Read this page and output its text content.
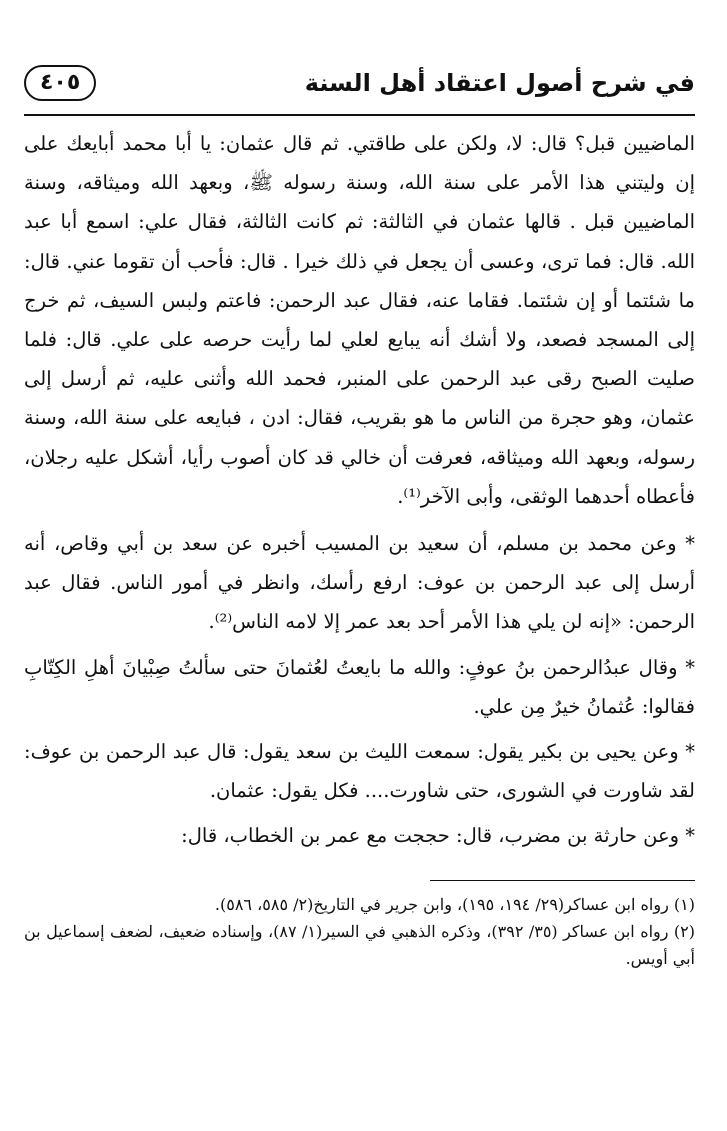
في شرح أصول اعتقاد أهل السنة
٤٠٥

الماضيين قبل؟ قال: لا، ولكن على طاقتي. ثم قال عثمان: يا أبا محمد أبايعك على إن وليتني هذا الأمر على سنة الله، وسنة رسوله ﷺ، وبعهد الله وميثاقه، وسنة الماضيين قبل . قالها عثمان في الثالثة: ثم كانت الثالثة، فقال علي: اسمع أبا عبد الله. قال: فما ترى، وعسى أن يجعل في ذلك خيرا . قال: فأحب أن تقوما عني. قال: ما شئتما أو إن شئتما. فقاما عنه، فقال عبد الرحمن: فاعتم ولبس السيف، ثم خرج إلى المسجد فصعد، ولا أشك أنه يبايع لعلي لما رأيت حرصه على علي. قال: فلما صليت الصبح رقى عبد الرحمن على المنبر، فحمد الله وأثنى عليه، ثم أرسل إلى عثمان، وهو حجرة من الناس ما هو بقريب، فقال: ادن ، فبايعه على سنة الله، وسنة رسوله، وبعهد الله وميثاقه، فعرفت أن خالي قد كان أصوب رأيا، أشكل عليه رجلان، فأعطاه أحدهما الوثقى، وأبى الآخر⁽¹⁾.

* وعن محمد بن مسلم، أن سعيد بن المسيب أخبره عن سعد بن أبي وقاص، أنه أرسل إلى عبد الرحمن بن عوف: ارفع رأسك، وانظر في أمور الناس. فقال عبد الرحمن: «إنه لن يلي هذا الأمر أحد بعد عمر إلا لامه الناس⁽²⁾.

* وقال عبدُالرحمن بنُ عوفٍ: والله ما بايعتُ لعُثمانَ حتى سألتُ صِبْيانَ أهلِ الكِتّابِ فقالوا: عُثمانُ خيرٌ مِن علي.

* وعن يحيى بن بكير يقول: سمعت الليث بن سعد يقول: قال عبد الرحمن بن عوف: لقد شاورت في الشورى، حتى شاورت.... فكل يقول: عثمان.

* وعن حارثة بن مضرب، قال: حججت مع عمر بن الخطاب، قال:

(١) رواه ابن عساكر(٢٩/ ١٩٤، ١٩٥)، وابن جرير في التاريخ(٢/ ٥٨٥، ٥٨٦).

(٢) رواه ابن عساكر (٣٥/ ٣٩٢)، وذكره الذهبي في السير(١/ ٨٧)، وإسناده ضعيف، لضعف إسماعيل بن أبي أويس.
